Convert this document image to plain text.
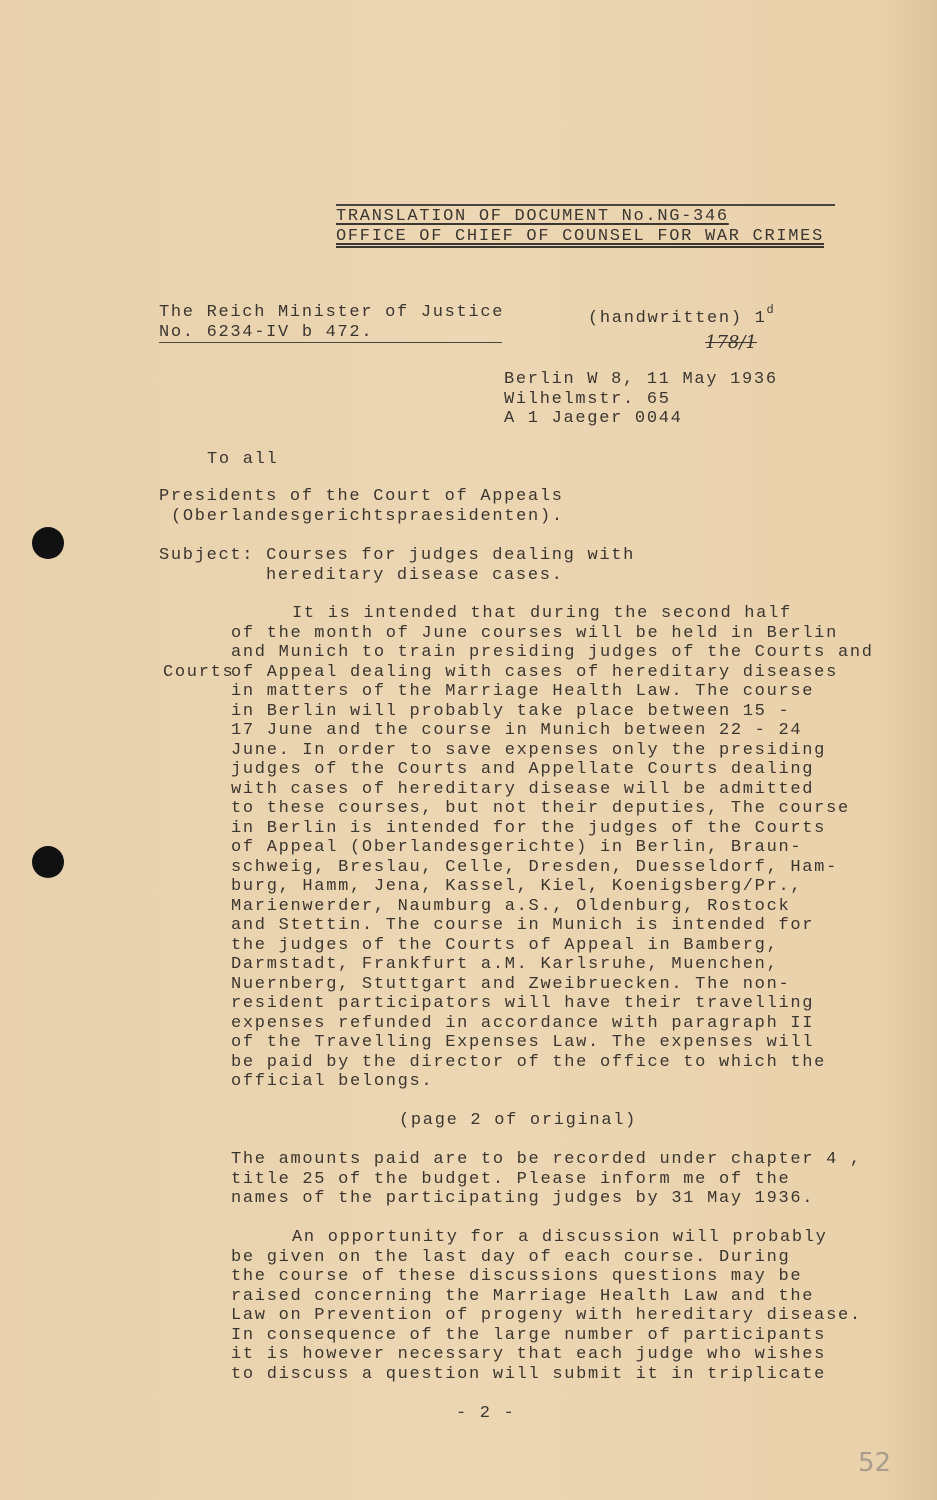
TRANSLATION OF DOCUMENT No.NG-346
OFFICE OF CHIEF OF COUNSEL FOR WAR CRIMES
The Reich Minister of Justice
No. 6234-IV b 472.
(handwritten) 1$^d$
178/1
Berlin W 8, 11 May 1936
Wilhelmstr. 65
A 1 Jaeger 0044
To all
Presidents of the Court of Appeals
(Oberlandesgerichtspraesidenten).
Subject: Courses for judges dealing with
hereditary disease cases.
Courts
It is intended that during the second half
of the month of June courses will be held in Berlin
and Munich to train presiding judges of the Courts and
of Appeal dealing with cases of hereditary diseases
in matters of the Marriage Health Law. The course
in Berlin will probably take place between 15 -
17 June and the course in Munich between 22 - 24
June. In order to save expenses only the presiding
judges of the Courts and Appellate Courts dealing
with cases of hereditary disease will be admitted
to these courses, but not their deputies, The course
in Berlin is intended for the judges of the Courts
of Appeal (Oberlandesgerichte) in Berlin, Braun-
schweig, Breslau, Celle, Dresden, Duesseldorf, Ham-
burg, Hamm, Jena, Kassel, Kiel, Koenigsberg/Pr.,
Marienwerder, Naumburg a.S., Oldenburg, Rostock
and Stettin. The course in Munich is intended for
the judges of the Courts of Appeal in Bamberg,
Darmstadt, Frankfurt a.M. Karlsruhe, Muenchen,
Nuernberg, Stuttgart and Zweibruecken. The non-
resident participators will have their travelling
expenses refunded in accordance with paragraph II
of the Travelling Expenses Law. The expenses will
be paid by the director of the office to which the
official belongs.
(page 2 of original)
The amounts paid are to be recorded under chapter 4 ,
title 25 of the budget. Please inform me of the
names of the participating judges by 31 May 1936.
An opportunity for a discussion will probably
be given on the last day of each course. During
the course of these discussions questions may be
raised concerning the Marriage Health Law and the
Law on Prevention of progeny with hereditary disease.
In consequence of the large number of participants
it is however necessary that each judge who wishes
to discuss a question will submit it in triplicate
- 2 -
52
